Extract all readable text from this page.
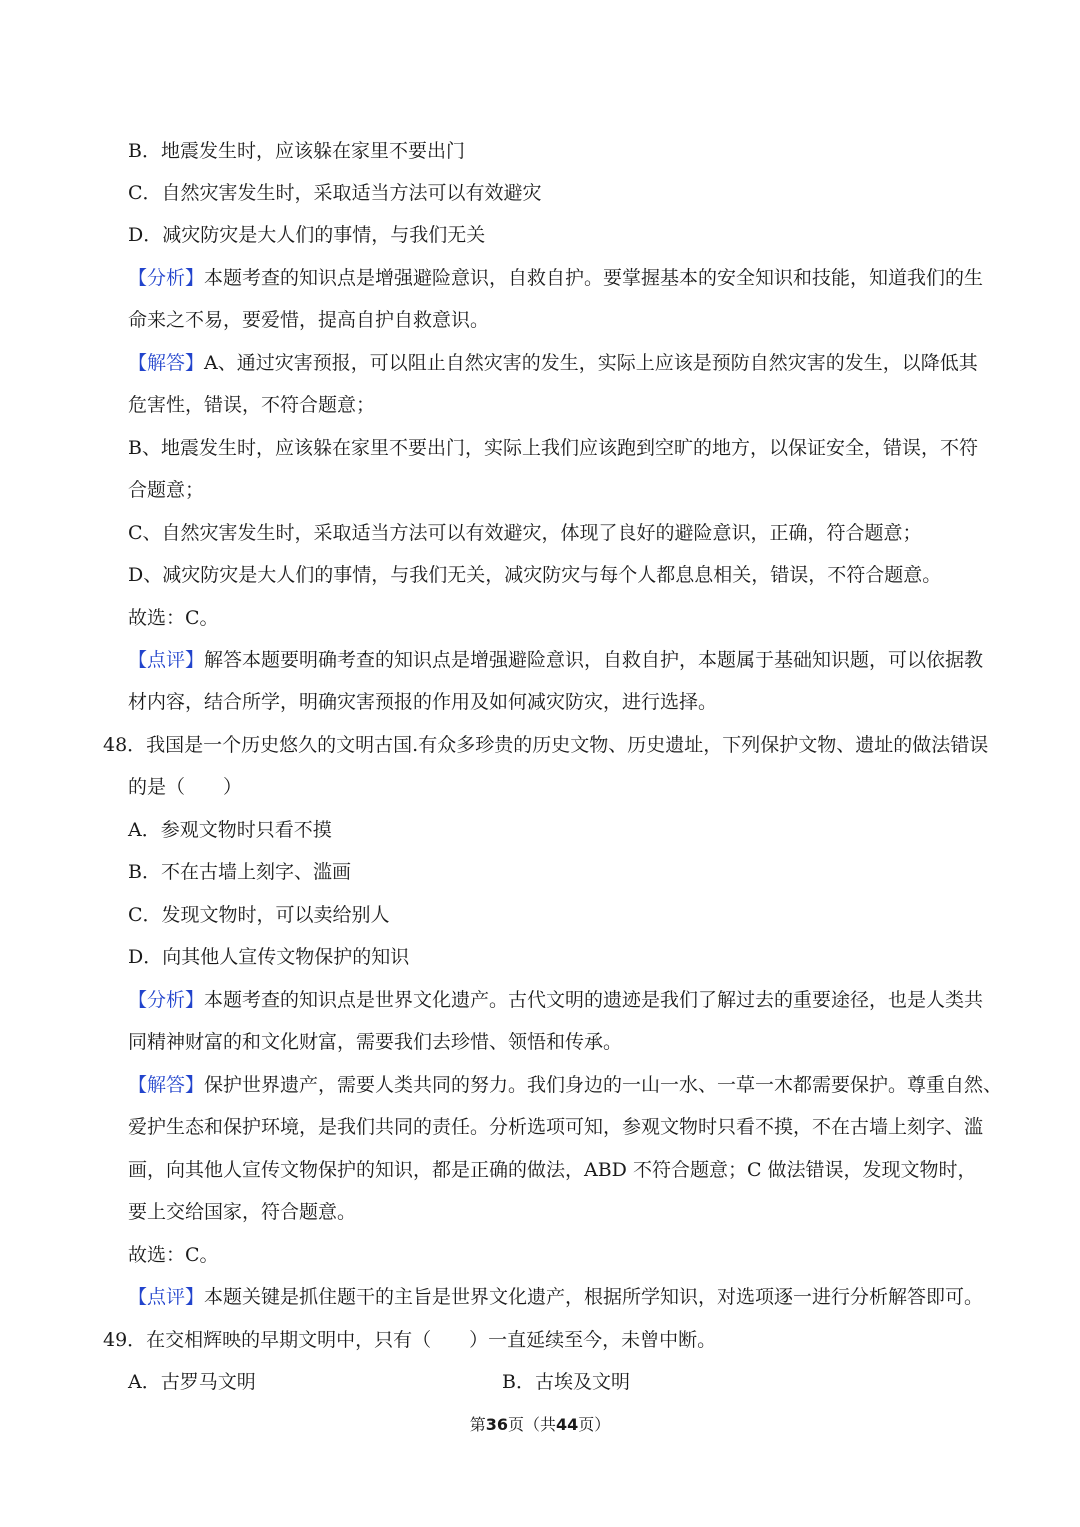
B．地震发生时，应该躲在家里不要出门
C．自然灾害发生时，采取适当方法可以有效避灾
D．减灾防灾是大人们的事情，与我们无关
【分析】本题考查的知识点是增强避险意识，自救自护。要掌握基本的安全知识和技能，知道我们的生
命来之不易，要爱惜，提高自护自救意识。
【解答】A、通过灾害预报，可以阻止自然灾害的发生，实际上应该是预防自然灾害的发生，以降低其
危害性，错误，不符合题意；
B、地震发生时，应该躲在家里不要出门，实际上我们应该跑到空旷的地方，以保证安全，错误，不符
合题意；
C、自然灾害发生时，采取适当方法可以有效避灾，体现了良好的避险意识，正确，符合题意；
D、减灾防灾是大人们的事情，与我们无关，减灾防灾与每个人都息息相关，错误，不符合题意。
故选：C。
【点评】解答本题要明确考查的知识点是增强避险意识，自救自护，本题属于基础知识题，可以依据教
材内容，结合所学，明确灾害预报的作用及如何减灾防灾，进行选择。
48．我国是一个历史悠久的文明古国.有众多珍贵的历史文物、历史遗址，下列保护文物、遗址的做法错误
的是（　　）
A．参观文物时只看不摸
B．不在古墙上刻字、滥画
C．发现文物时，可以卖给别人
D．向其他人宣传文物保护的知识
【分析】本题考查的知识点是世界文化遗产。古代文明的遗迹是我们了解过去的重要途径，也是人类共
同精神财富的和文化财富，需要我们去珍惜、领悟和传承。
【解答】保护世界遗产，需要人类共同的努力。我们身边的一山一水、一草一木都需要保护。尊重自然、
爱护生态和保护环境，是我们共同的责任。分析选项可知，参观文物时只看不摸，不在古墙上刻字、滥
画，向其他人宣传文物保护的知识，都是正确的做法，ABD 不符合题意；C 做法错误，发现文物时，
要上交给国家，符合题意。
故选：C。
【点评】本题关键是抓住题干的主旨是世界文化遗产，根据所学知识，对选项逐一进行分析解答即可。
49．在交相辉映的早期文明中，只有（　　）一直延续至今，未曾中断。
A．古罗马文明	B．古埃及文明
第36页（共44页）
